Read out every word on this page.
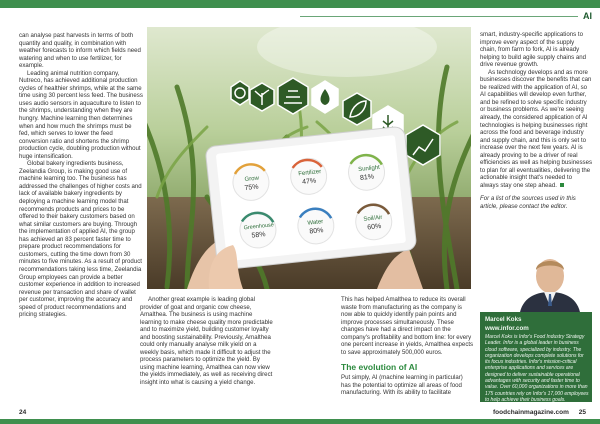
AI

can analyse past harvests in terms of both quantity and quality, in combination with weather forecasts to inform which fields need watering and when to use fertilizer, for example.

Leading animal nutrition company, Nutreco, has achieved additional production cycles of healthier shrimps, while at the same time using 30 percent less feed. The business uses audio sensors in aquaculture to listen to the shrimps, understanding when they are hungry. Machine learning then determines when and how much the shrimps must be fed, which serves to lower the feed conversion ratio and shortens the shrimp production cycle, doubling production without huge intensification.

Global bakery ingredients business, Zeelandia Group, is making good use of machine learning too. The business has addressed the challenges of higher costs and lack of available bakery ingredients by deploying a machine learning model that recommends products and prices to be offered to their bakery customers based on what similar customers are buying. Through the implementation of applied AI, the group has achieved an 83 percent faster time to prepare product recommendations for customers, cutting the time down from 30 minutes to five minutes. As a result of product recommendations taking less time, Zeelandia Group employees can provide a better customer experience in addition to increased revenue per transaction and share of wallet per customer, improving the accuracy and speed of product recommendations and pricing strategies.

Grow
75%
Fertilizer
47%
Sunlight
81%
Greenhouse
58%
Water
80%
Soil/Air
60%

Another great example is leading global provider of goat and organic cow cheese, Amalthea. The business is using machine learning to make cheese quality more predictable and to maximize yield, building customer loyalty and boosting sustainability. Previously, Amalthea could only manually analyse milk yield on a weekly basis, which made it difficult to adjust the process parameters to optimize the yield. By using machine learning, Amalthea can now view the yields immediately, as well as receiving direct insight into what is causing a yield change.

This has helped Amalthea to reduce its overall waste from manufacturing as the company is now able to quickly identify pain points and improve processes simultaneously. These changes have had a direct impact on the company's profitability and bottom line: for every one percent increase in yields, Amalthea expects to save approximately 500,000 euros.

The evolution of AI

Put simply, AI (machine learning in particular) has the potential to optimize all areas of food manufacturing. With its ability to facilitate

smart, industry-specific applications to improve every aspect of the supply chain, from farm to fork, AI is already helping to build agile supply chains and drive revenue growth.

As technology develops and as more businesses discover the benefits that can be realized with the application of AI, so AI capabilities will develop even further, and be refined to solve specific industry or business problems. As we're seeing already, the considered application of AI technologies is helping businesses right across the food and beverage industry and supply chain, and this is only set to increase over the next few years. AI is already proving to be a driver of real efficiencies as well as helping businesses to plan for all eventualities, delivering the actionable insight that's needed to always stay one step ahead.

For a list of the sources used in this article, please contact the editor.

Marcel Koks
www.infor.com
Marcel Koks is Infor's Food Industry Strategy Leader. Infor is a global leader in business cloud software, specialized by industry. The organization develops complete solutions for its focus industries. Infor's mission-critical enterprise applications and services are designed to deliver sustainable operational advantages with security and faster time to value. Over 60,000 organizations in more than 175 countries rely on Infor's 17,000 employees to help achieve their business goals.
24	foodchainmagazine.com 25
